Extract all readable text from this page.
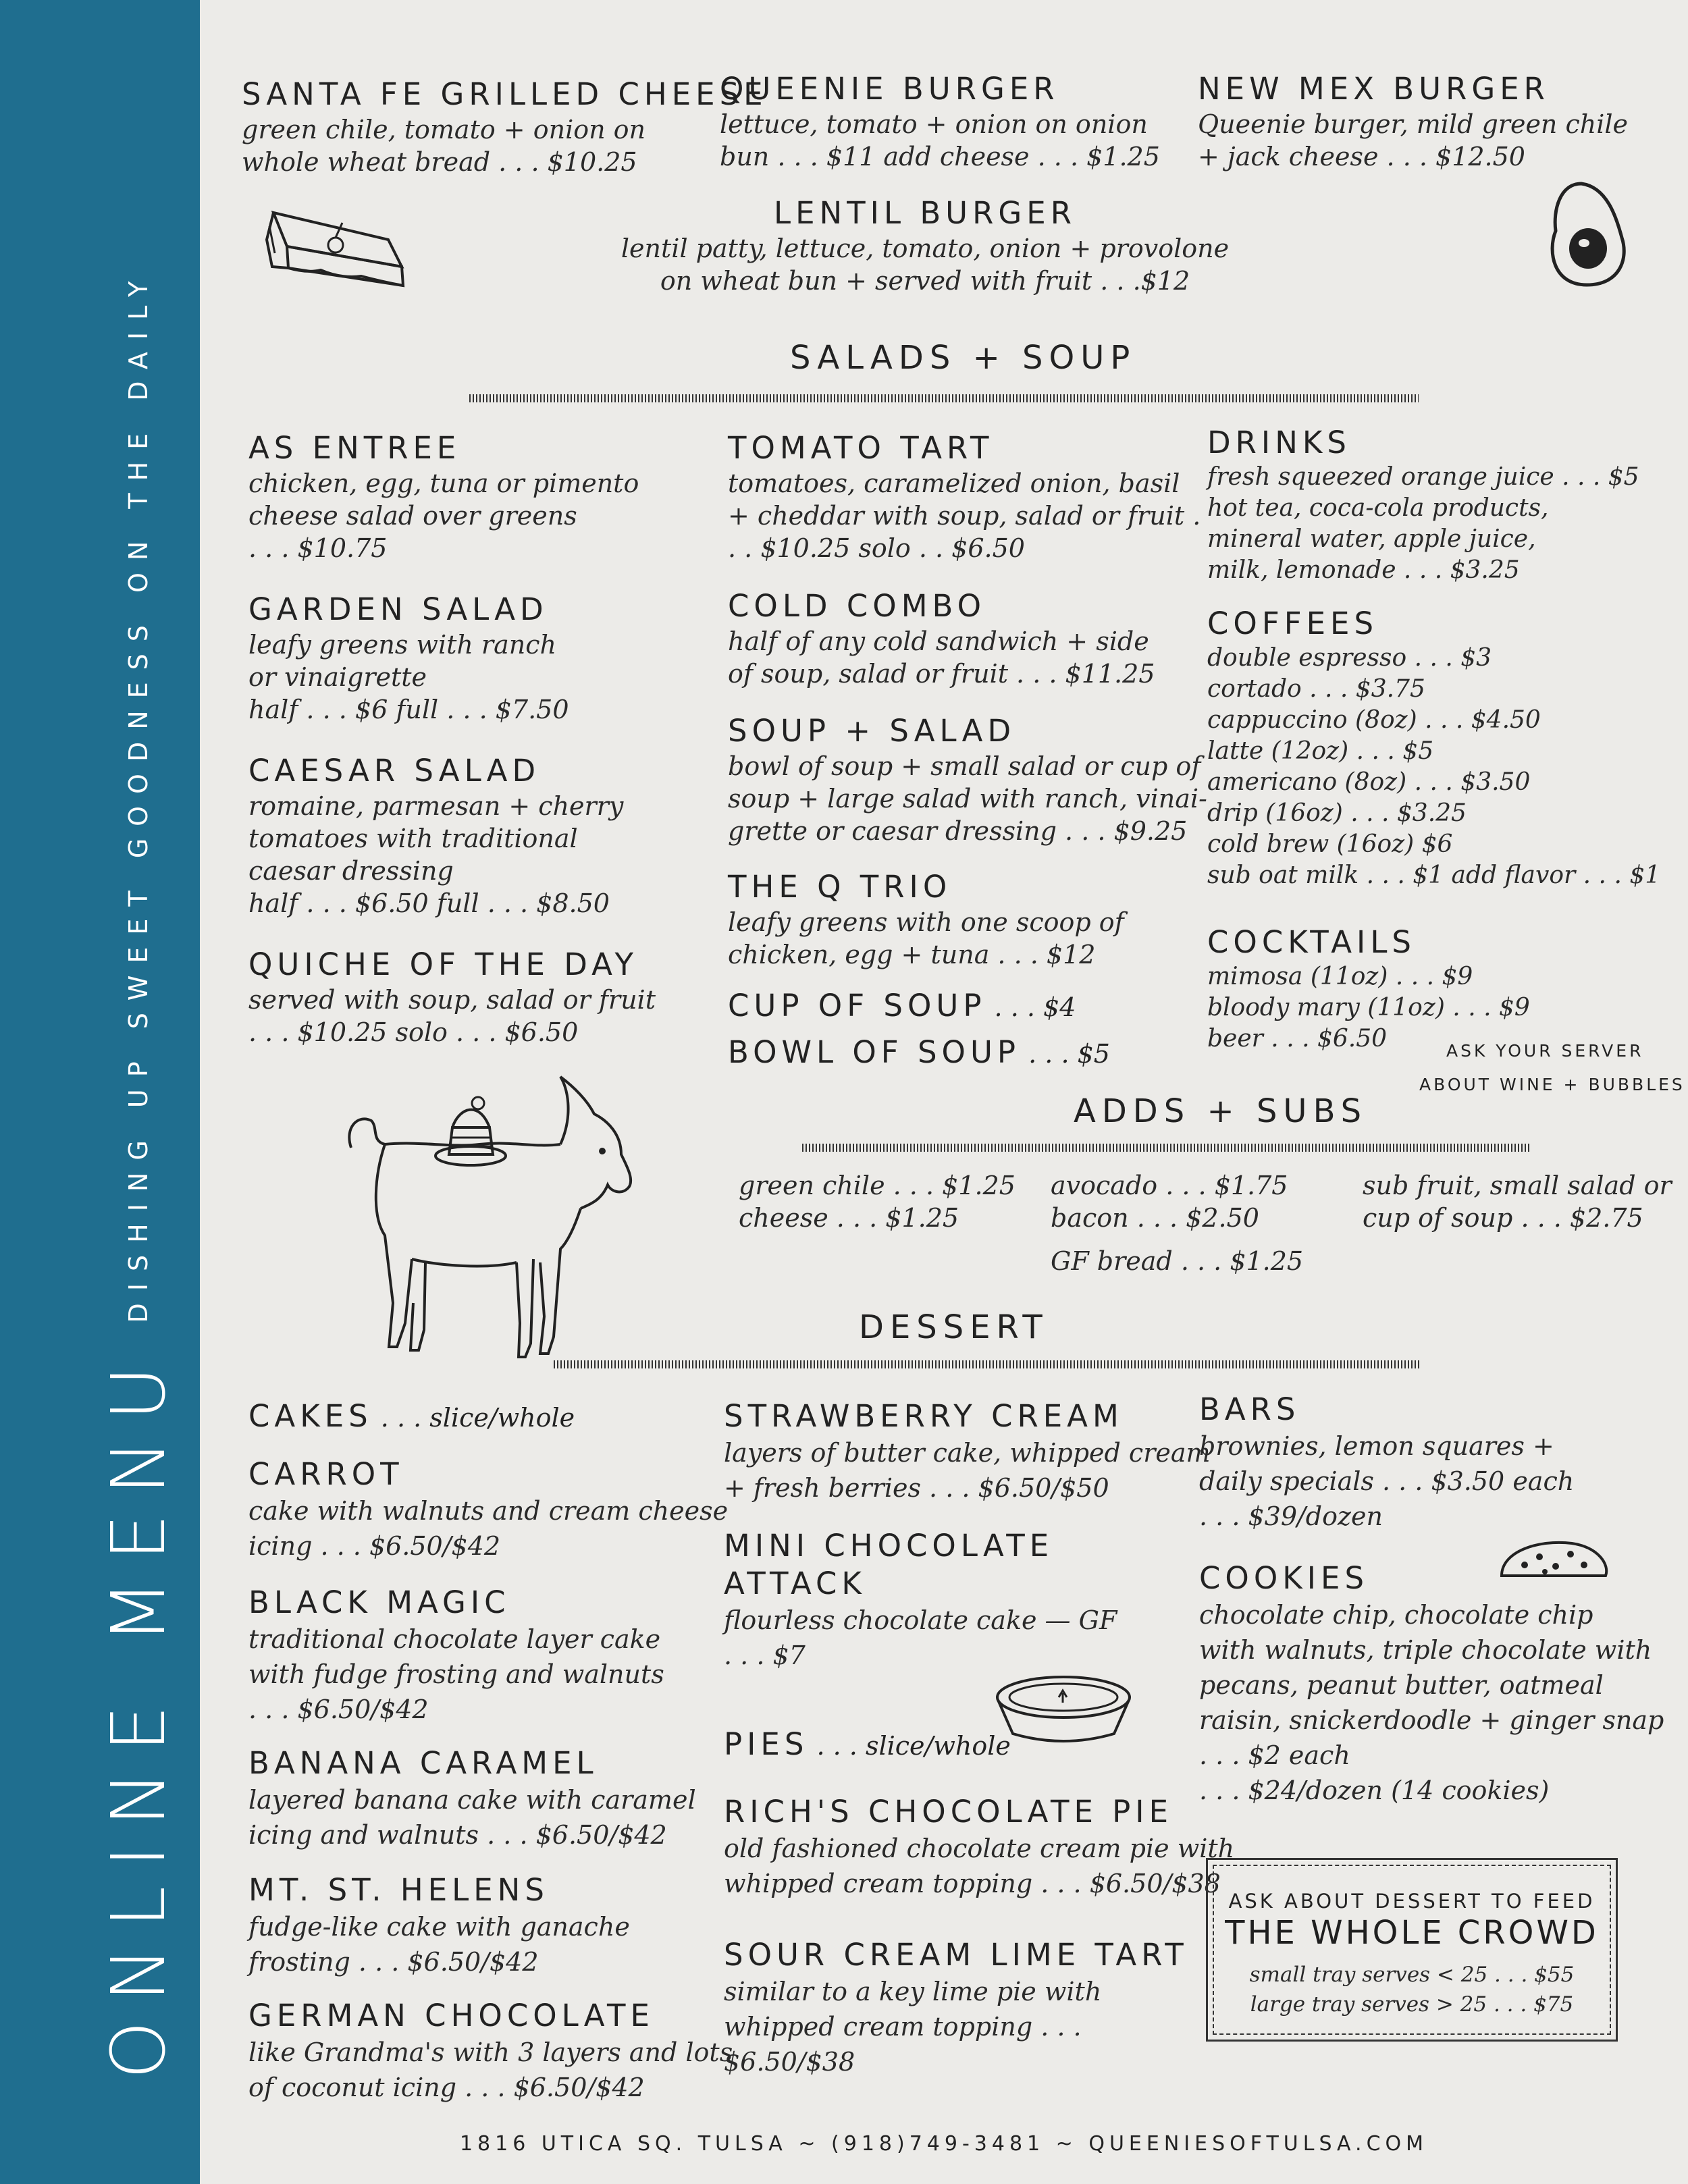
ONLINE MENUDISHING UP SWEET GOODNESS ON THE DAILY
SANTA FE GRILLED CHEESE
green chile, tomato + onion on
whole wheat bread . . . $10.25
QUEENIE BURGER
lettuce, tomato + onion on onion
bun . . . $11 add cheese . . . $1.25
NEW MEX BURGER
Queenie burger, mild green chile
+ jack cheese . . . $12.50
LENTIL BURGER
lentil patty, lettuce, tomato, onion + provolone
on wheat bun + served with fruit . . .$12
SALADS + SOUP
AS ENTREE
chicken, egg, tuna or pimento
cheese salad over greens
. . . $10.75
GARDEN SALAD
leafy greens with ranch
or vinaigrette
half . . . $6 full . . . $7.50
CAESAR SALAD
romaine, parmesan + cherry
tomatoes with traditional
caesar dressing
half . . . $6.50 full . . . $8.50
QUICHE OF THE DAY
served with soup, salad or fruit
. . . $10.25 solo . . . $6.50
TOMATO TART
tomatoes, caramelized onion, basil
+ cheddar with soup, salad or fruit .
. . $10.25 solo . . $6.50
COLD COMBO
half of any cold sandwich + side
of soup, salad or fruit . . . $11.25
SOUP + SALAD
bowl of soup + small salad or cup of
soup + large salad with ranch, vinai-
grette or caesar dressing . . . $9.25
THE Q TRIO
leafy greens with one scoop of
chicken, egg + tuna . . . $12
CUP OF SOUP . . . $4
BOWL OF SOUP . . . $5
DRINKS
fresh squeezed orange juice . . . $5
hot tea, coca-cola products,
mineral water, apple juice,
milk, lemonade . . . $3.25
COFFEES
double espresso . . . $3
cortado . . . $3.75
cappuccino (8oz) . . . $4.50
latte (12oz) . . . $5
americano (8oz) . . . $3.50
drip (16oz) . . . $3.25
cold brew (16oz) $6
sub oat milk . . . $1 add flavor . . . $1
COCKTAILS
mimosa (11oz) . . . $9
bloody mary (11oz) . . . $9
beer . . . $6.50	ASK YOUR SERVER
ABOUT WINE + BUBBLES
ADDS + SUBS
green chile . . . $1.25
cheese . . . $1.25
avocado . . . $1.75
bacon . . . $2.50
GF bread . . . $1.25
sub fruit, small salad or
cup of soup . . . $2.75
DESSERT
CAKES . . . slice/whole
CARROT
cake with walnuts and cream cheese
icing . . . $6.50/$42
BLACK MAGIC
traditional chocolate layer cake
with fudge frosting and walnuts
. . . $6.50/$42
BANANA CARAMEL
layered banana cake with caramel
icing and walnuts . . . $6.50/$42
MT. ST. HELENS
fudge-like cake with ganache
frosting . . . $6.50/$42
GERMAN CHOCOLATE
like Grandma's with 3 layers and lots
of coconut icing . . . $6.50/$42
STRAWBERRY CREAM
layers of butter cake, whipped cream
+ fresh berries . . . $6.50/$50
MINI CHOCOLATE
ATTACK
flourless chocolate cake — GF
. . . $7
PIES . . . slice/whole
RICH'S CHOCOLATE PIE
old fashioned chocolate cream pie with
whipped cream topping . . . $6.50/$38
SOUR CREAM LIME TART
similar to a key lime pie with
whipped cream topping . . .
$6.50/$38
BARS
brownies, lemon squares +
daily specials . . . $3.50 each
. . . $39/dozen
COOKIES
chocolate chip, chocolate chip
with walnuts, triple chocolate with
pecans, peanut butter, oatmeal
raisin, snickerdoodle + ginger snap
. . . $2 each
. . . $24/dozen (14 cookies)
ASK ABOUT DESSERT TO FEED
THE WHOLE CROWD
small tray serves < 25 . . . $55
large tray serves > 25 . . . $75
1816 UTICA SQ. TULSA ~ (918)749-3481 ~ QUEENIESOFTULSA.COM
